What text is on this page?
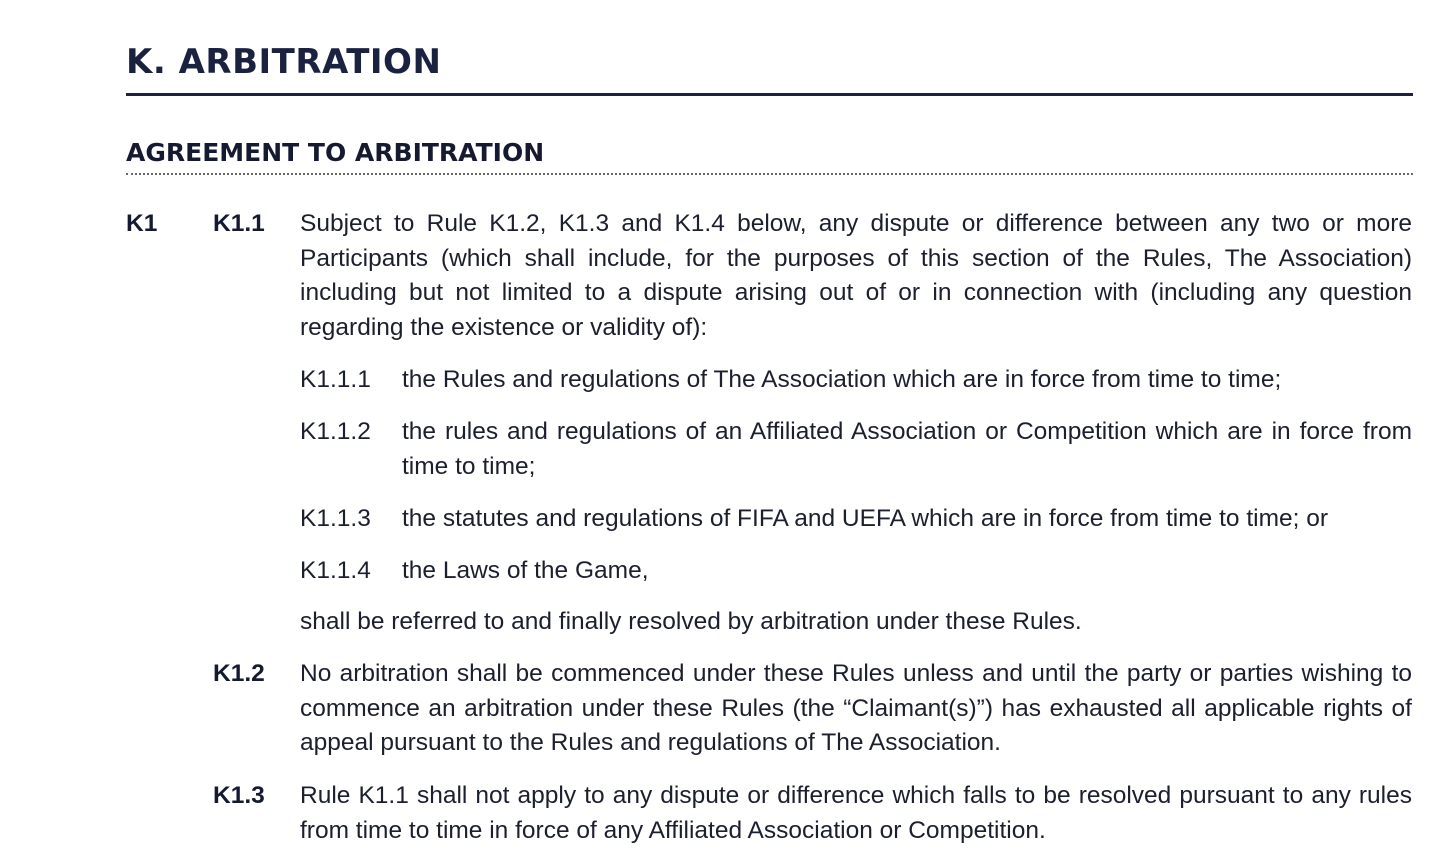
K. ARBITRATION
AGREEMENT TO ARBITRATION
K1 K1.1 Subject to Rule K1.2, K1.3 and K1.4 below, any dispute or difference between any two or more Participants (which shall include, for the purposes of this section of the Rules, The Association) including but not limited to a dispute arising out of or in connection with (including any question regarding the existence or validity of):

K1.1.1 the Rules and regulations of The Association which are in force from time to time;

K1.1.2 the rules and regulations of an Affiliated Association or Competition which are in force from time to time;

K1.1.3 the statutes and regulations of FIFA and UEFA which are in force from time to time; or

K1.1.4 the Laws of the Game,

shall be referred to and finally resolved by arbitration under these Rules.

K1.2 No arbitration shall be commenced under these Rules unless and until the party or parties wishing to commence an arbitration under these Rules (the “Claimant(s)”) has exhausted all applicable rights of appeal pursuant to the Rules and regulations of The Association.

K1.3 Rule K1.1 shall not apply to any dispute or difference which falls to be resolved pursuant to any rules from time to time in force of any Affiliated Association or Competition.
